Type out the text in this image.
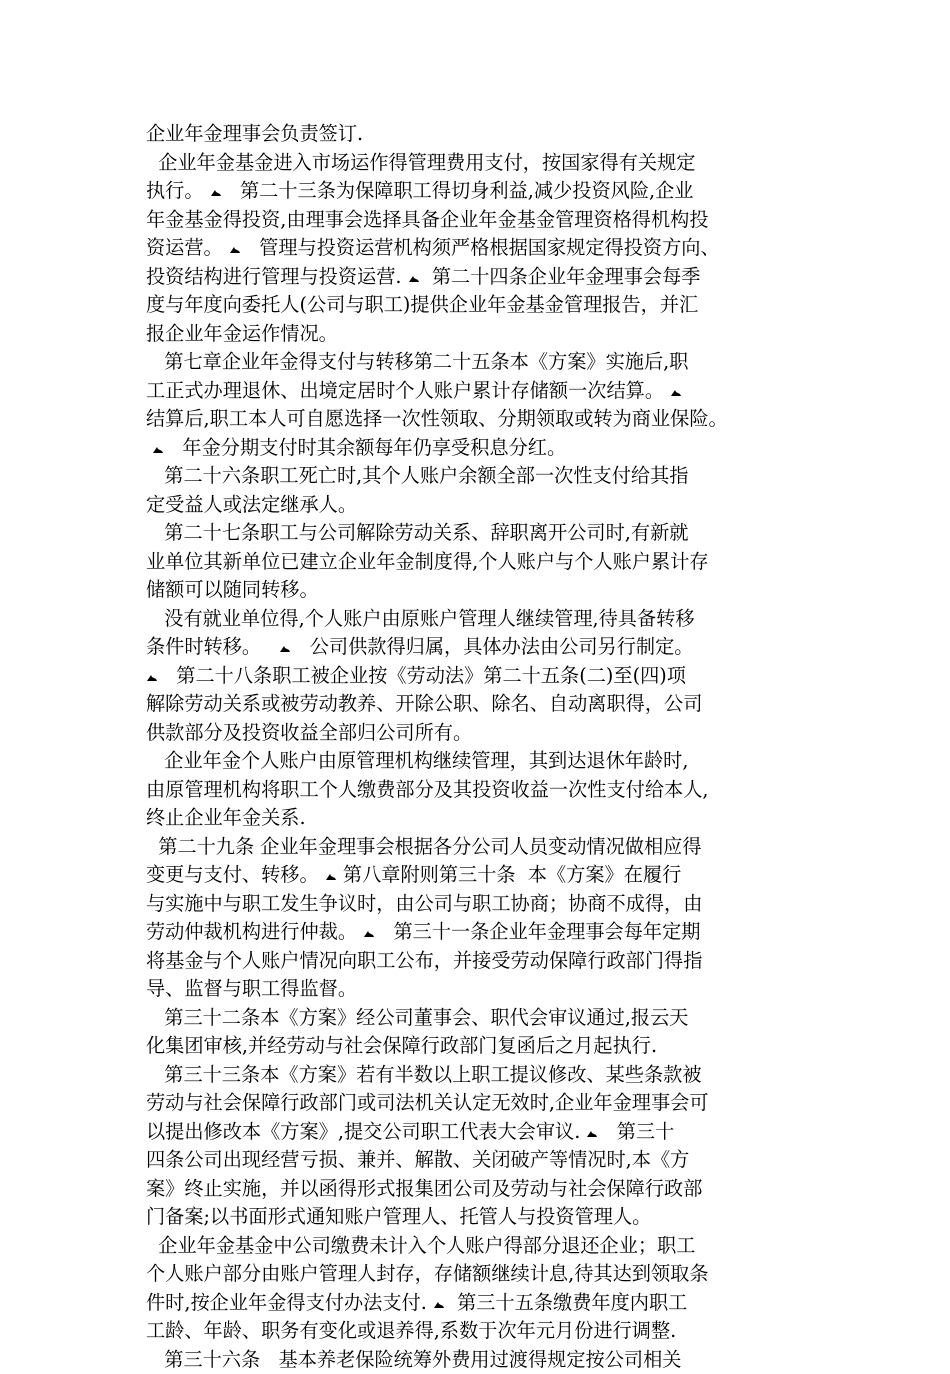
企业年金理事会负责签订.
企业年金基金进入市场运作得管理费用支付，按国家得有关规定
执行。
第二十三条为保障职工得切身利益,减少投资风险,企业
年金基金得投资,由理事会选择具备企业年金基金管理资格得机构投
资运营。
管理与投资运营机构须严格根据国家规定得投资方向、
投资结构进行管理与投资运营.
第二十四条企业年金理事会每季
度与年度向委托人(公司与职工)提供企业年金基金管理报告，并汇
报企业年金运作情况。
第七章企业年金得支付与转移第二十五条本《方案》实施后,职
工正式办理退休、出境定居时个人账户累计存储额一次结算。
结算后,职工本人可自愿选择一次性领取、分期领取或转为商业保险。

年金分期支付时其余额每年仍享受积息分红。
第二十六条职工死亡时,其个人账户余额全部一次性支付给其指
定受益人或法定继承人。
第二十七条职工与公司解除劳动关系、辞职离开公司时,有新就
业单位其新单位已建立企业年金制度得,个人账户与个人账户累计存
储额可以随同转移。
没有就业单位得,个人账户由原账户管理人继续管理,待具备转移
条件时转移。
公司供款得归属，具体办法由公司另行制定。
第二十八条职工被企业按《劳动法》第二十五条(二)至(四)项
解除劳动关系或被劳动教养、开除公职、除名、自动离职得，公司
供款部分及投资收益全部归公司所有。
企业年金个人账户由原管理机构继续管理，其到达退休年龄时,
由原管理机构将职工个人缴费部分及其投资收益一次性支付给本人,
终止企业年金关系.
第二十九条 企业年金理事会根据各分公司人员变动情况做相应得
变更与支付、转移。
第八章附则第三十条  本《方案》在履行
与实施中与职工发生争议时，由公司与职工协商；协商不成得，由
劳动仲裁机构进行仲裁。
第三十一条企业年金理事会每年定期
将基金与个人账户情况向职工公布，并接受劳动保障行政部门得指
导、监督与职工得监督。
第三十二条本《方案》经公司董事会、职代会审议通过,报云天
化集团审核,并经劳动与社会保障行政部门复函后之月起执行.
第三十三条本《方案》若有半数以上职工提议修改、某些条款被
劳动与社会保障行政部门或司法机关认定无效时,企业年金理事会可
以提出修改本《方案》,提交公司职工代表大会审议.
第三十
四条公司出现经营亏损、兼并、解散、关闭破产等情况时,本《方
案》终止实施，并以函得形式报集团公司及劳动与社会保障行政部
门备案;以书面形式通知账户管理人、托管人与投资管理人。
企业年金基金中公司缴费未计入个人账户得部分退还企业；职工
个人账户部分由账户管理人封存，存储额继续计息,待其达到领取条
件时,按企业年金得支付办法支付.
第三十五条缴费年度内职工
工龄、年龄、职务有变化或退养得,系数于次年元月份进行调整.
第三十六条   基本养老保险统筹外费用过渡得规定按公司相关
